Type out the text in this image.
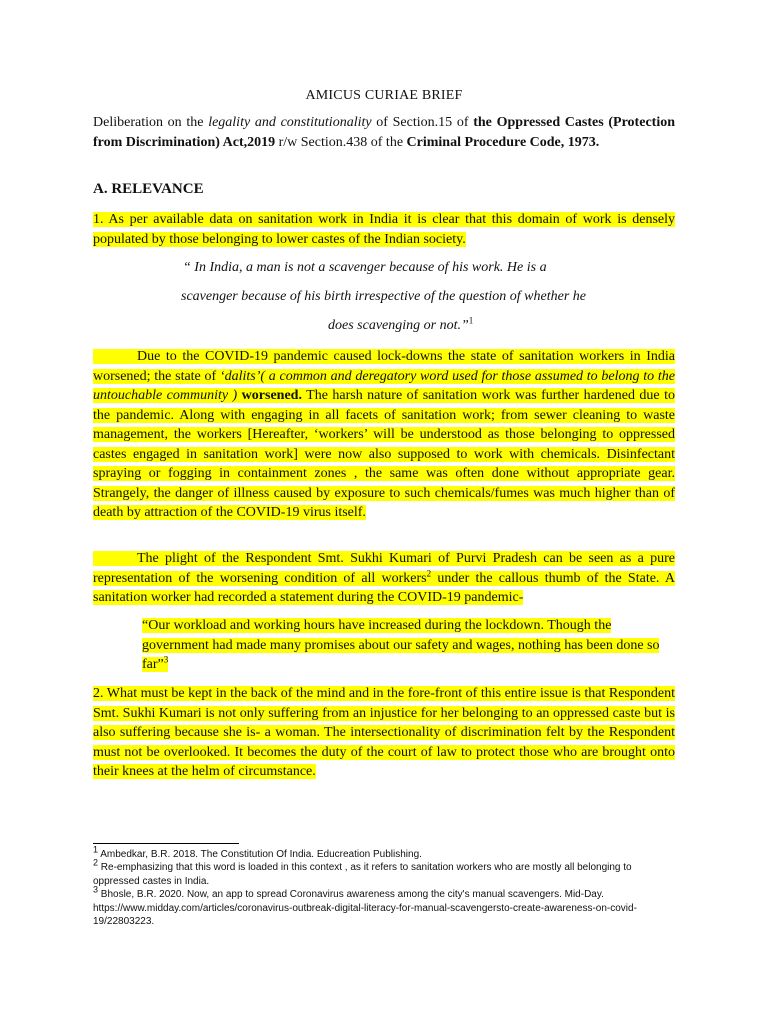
AMICUS CURIAE BRIEF
Deliberation on the legality and constitutionality of Section.15 of the Oppressed Castes (Protection from Discrimination) Act,2019 r/w Section.438 of the Criminal Procedure Code, 1973.
A. RELEVANCE
1. As per available data on sanitation work in India it is clear that this domain of work is densely populated by those belonging to lower castes of the Indian society.
“ In India, a man is not a scavenger because of his work. He is a
scavenger because of his birth irrespective of the question of whether he
does scavenging or not.”$^1$
Due to the COVID-19 pandemic caused lock-downs the state of sanitation workers in India worsened; the state of ‘dalits’( a common and deregatory word used for those assumed to belong to the untouchable community ) worsened. The harsh nature of sanitation work was further hardened due to the pandemic. Along with engaging in all facets of sanitation work; from sewer cleaning to waste management, the workers [Hereafter, ‘workers’ will be understood as those belonging to oppressed castes engaged in sanitation work] were now also supposed to work with chemicals. Disinfectant spraying or fogging in containment zones , the same was often done without appropriate gear. Strangely, the danger of illness caused by exposure to such chemicals/fumes was much higher than of death by attraction of the COVID-19 virus itself.
The plight of the Respondent Smt. Sukhi Kumari of Purvi Pradesh can be seen as a pure representation of the worsening condition of all workers$^2$ under the callous thumb of the State. A sanitation worker had recorded a statement during the COVID-19 pandemic-
“Our workload and working hours have increased during the lockdown. Though the government had made many promises about our safety and wages, nothing has been done so far”$^3$
2. What must be kept in the back of the mind and in the fore-front of this entire issue is that Respondent Smt. Sukhi Kumari is not only suffering from an injustice for her belonging to an oppressed caste but is also suffering because she is- a woman. The intersectionality of discrimination felt by the Respondent must not be overlooked. It becomes the duty of the court of law to protect those who are brought onto their knees at the helm of circumstance.

$^1$ Ambedkar, B.R. 2018. The Constitution Of India. Educreation Publishing.

$^2$ Re-emphasizing that this word is loaded in this context , as it refers to sanitation workers who are mostly all belonging to oppressed castes in India.

$^3$ Bhosle, B.R. 2020. Now, an app to spread Coronavirus awareness among the city's manual scavengers. Mid-Day. https://www.midday.com/articles/coronavirus-outbreak-digital-literacy-for-manual-scavengersto-create-awareness-on-covid-19/22803223.
